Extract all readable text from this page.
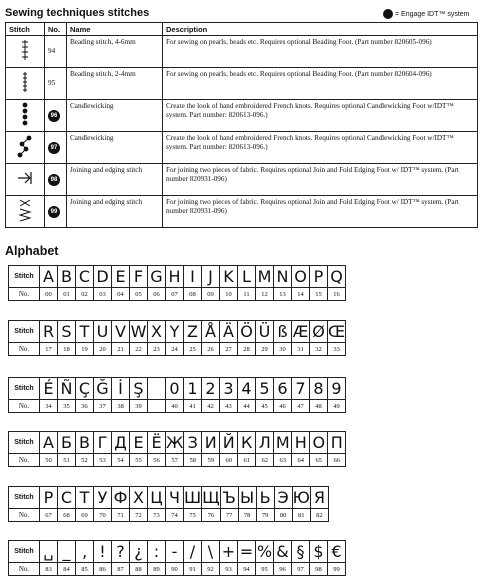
Sewing techniques stitches	= Engage IDT™ system
Stitch	No.	Name	Description
	94	Beading stitch, 4-6mm	For sewing on pearls, beads etc. Requires optional Beading Foot. (Part number 820605-096)
	95	Beading stitch, 2-4mm	For sewing on pearls, beads etc. Requires optional Beading Foot. (Part number 820604-096)
	96	Candlewicking	Create the look of hand embroidered French knots. Requires optional Candlewicking Foot w/IDT™ system. Part number: 820613-096.)
	97	Candlewicking	Create the look of hand embroidered French knots. Requires optional Candlewicking Foot w/IDT™ system. Part number: 820613-096.)
	98	Joining and edging stitch	For joining two pieces of fabric. Requires optional Join and Fold Edging Foot w/ IDT™ system. (Part number 820931-096)
	99	Joining and edging stitch	For joining two pieces of fabric. Requires optional Join and Fold Edging Foot w/ IDT™ system. (Part number 820931-096)
Alphabet
Stitch	A	B	C	D	E	F	G	H	I	J	K	L	M	N	O	P	Q
No.	00	01	02	03	04	05	06	07	08	09	10	11	12	13	14	15	16
Stitch	R	S	T	U	V	W	X	Y	Z	Å	Ä	Ö	Ü	ß	Æ	Ø	Œ
No.	17	18	19	20	21	22	23	24	25	26	27	28	29	30	31	32	33
Stitch	É	Ñ	Ç	Ğ	İ	Ş		0	1	2	3	4	5	6	7	8	9
No.	34	35	36	37	38	39		40	41	42	43	44	45	46	47	48	49
Stitch	А	Б	В	Г	Д	Е	Ё	Ж	З	И	Й	К	Л	М	Н	О	П
No.	50	51	52	53	54	55	56	57	58	59	60	61	62	63	64	65	66
Stitch	Р	С	Т	У	Ф	Х	Ц	Ч	Ш	Щ	Ъ	Ы	Ь	Э	Ю	Я
No.	67	68	69	70	71	72	73	74	75	76	77	78	79	80	81	82
Stitch	␣	_	‚	!	?	¿	:	-	/	\	+	=	%	&	§	$	€
No.	83	84	85	86	87	88	89	90	91	92	93	94	95	96	97	98	99
